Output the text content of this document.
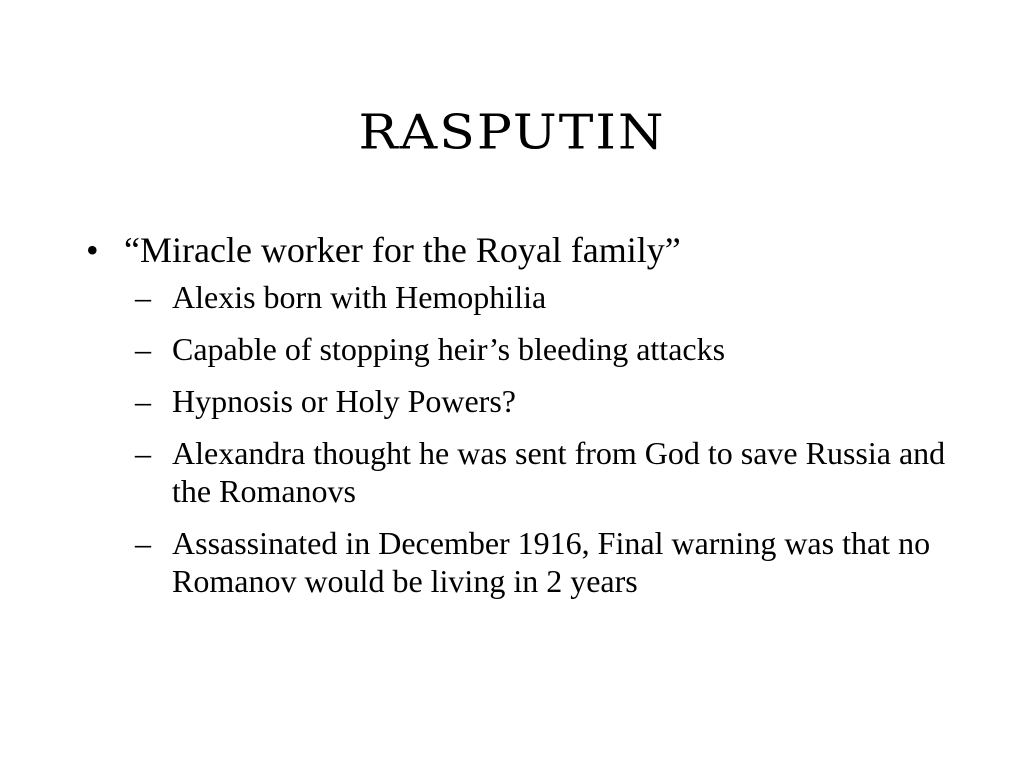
RASPUTIN
• “Miracle worker for the Royal family”
– Alexis born with Hemophilia
– Capable of stopping heir’s bleeding attacks
– Hypnosis or Holy Powers?
– Alexandra thought he was sent from God to save Russia and the Romanovs
– Assassinated in December 1916, Final warning was that no Romanov would be living in 2 years
